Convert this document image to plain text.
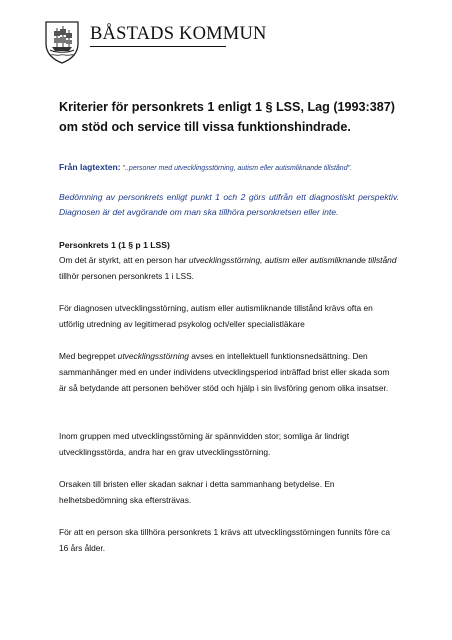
BÅSTADS KOMMUN
Kriterier för personkrets 1 enligt 1 § LSS, Lag (1993:387)
om stöd och service till vissa funktionshindrade.
Från lagtexten: "..personer med utvecklingsstörning, autism eller autismliknande tillstånd".
Bedömning av personkrets enligt punkt 1 och 2 görs utifrån ett diagnostiskt perspektiv. Diagnosen är det avgörande om man ska tillhöra personkretsen eller inte.
Personkrets 1 (1 § p 1 LSS)
Om det är styrkt, att en person har utvecklingsstörning, autism eller autismliknande tillstånd tillhör personen personkrets 1 i LSS.
För diagnosen utvecklingsstörning, autism eller autismliknande tillstånd krävs ofta en utförlig utredning av legitimerad psykolog och/eller specialistläkare
Med begreppet utvecklingsstörning avses en intellektuell funktionsnedsättning. Den sammanhänger med en under individens utvecklingsperiod inträffad brist eller skada som är så betydande att personen behöver stöd och hjälp i sin livsföring genom olika insatser.
Inom gruppen med utvecklingsstörning är spännvidden stor; somliga är lindrigt utvecklingsstörda, andra har en grav utvecklingsstörning.
Orsaken till bristen eller skadan saknar i detta sammanhang betydelse. En helhetsbedömning ska eftersträvas.
För att en person ska tillhöra personkrets 1 krävs att utvecklingsstörningen funnits före ca 16 års ålder.
